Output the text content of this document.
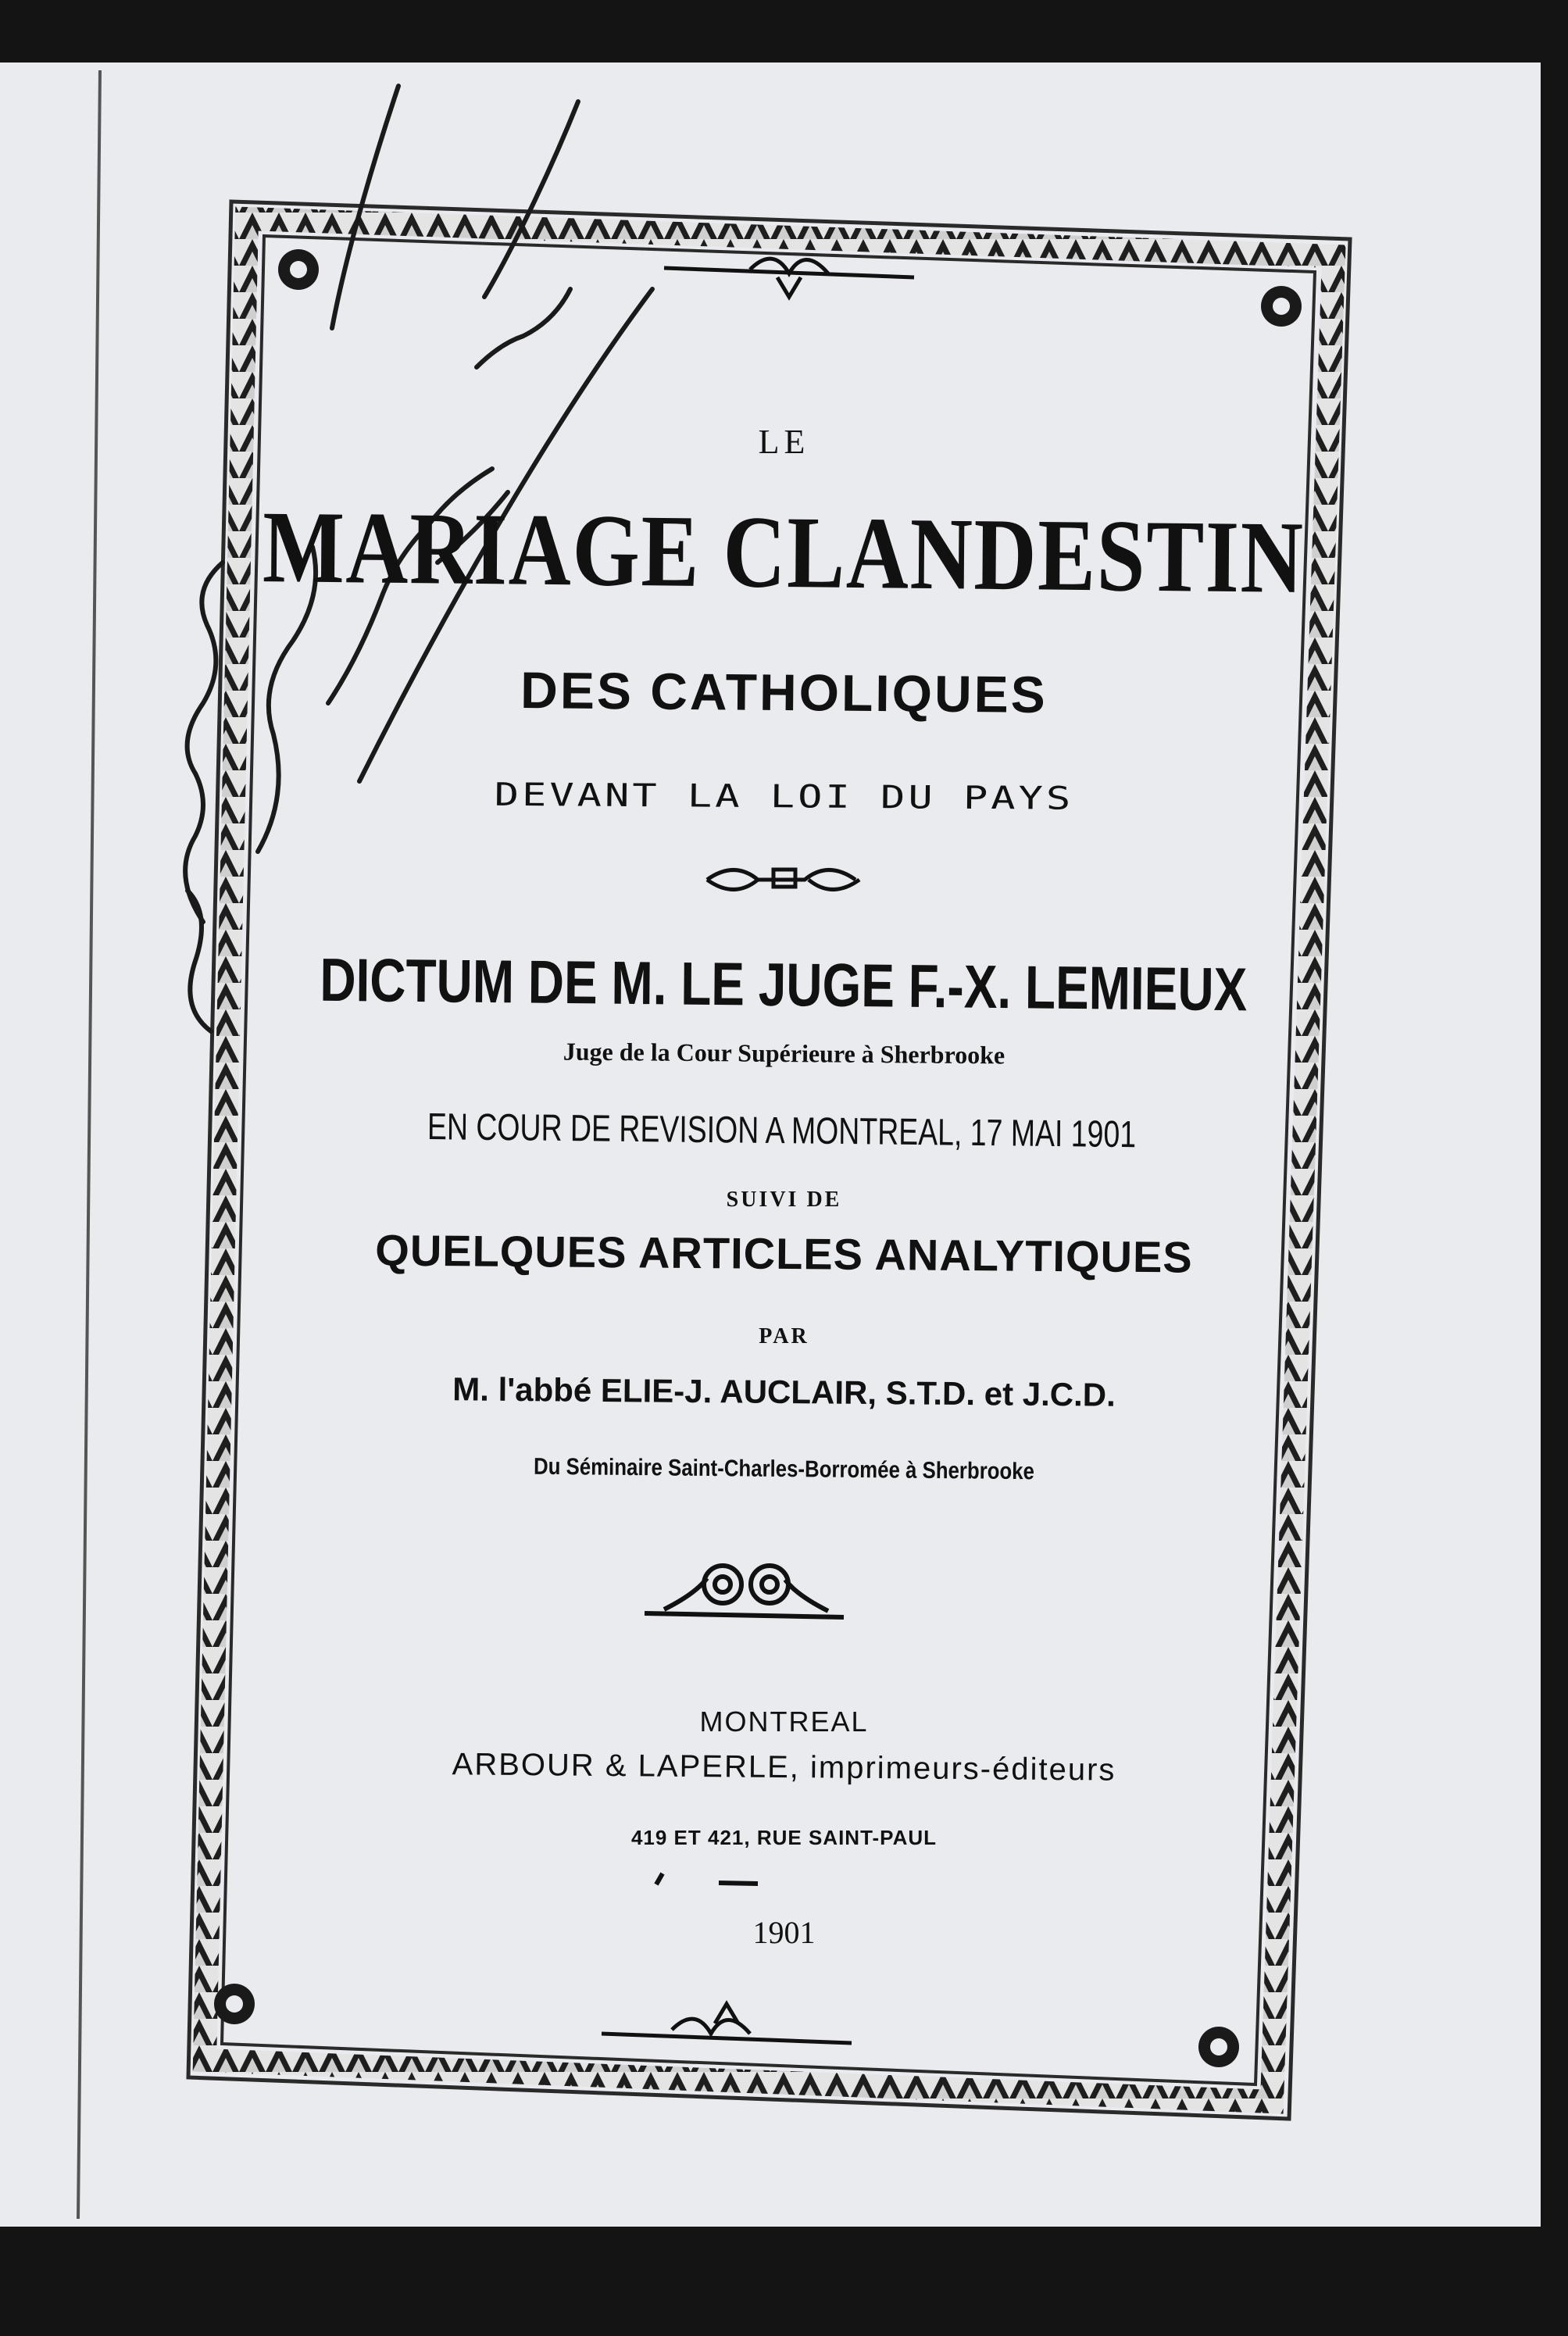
LE
MARIAGE CLANDESTIN
DES CATHOLIQUES
DEVANT LA LOI DU PAYS
DICTUM DE M. LE JUGE F.-X. LEMIEUX
Juge de la Cour Supérieure à Sherbrooke
EN COUR DE REVISION A MONTREAL, 17 MAI 1901
SUIVI DE
QUELQUES ARTICLES ANALYTIQUES
PAR
M. l'abbé ELIE-J. AUCLAIR, S.T.D. et J.C.D.
Du Séminaire Saint-Charles-Borromée à Sherbrooke
MONTREAL
ARBOUR & LAPERLE, imprimeurs-éditeurs
419 ET 421, RUE SAINT-PAUL
1901
